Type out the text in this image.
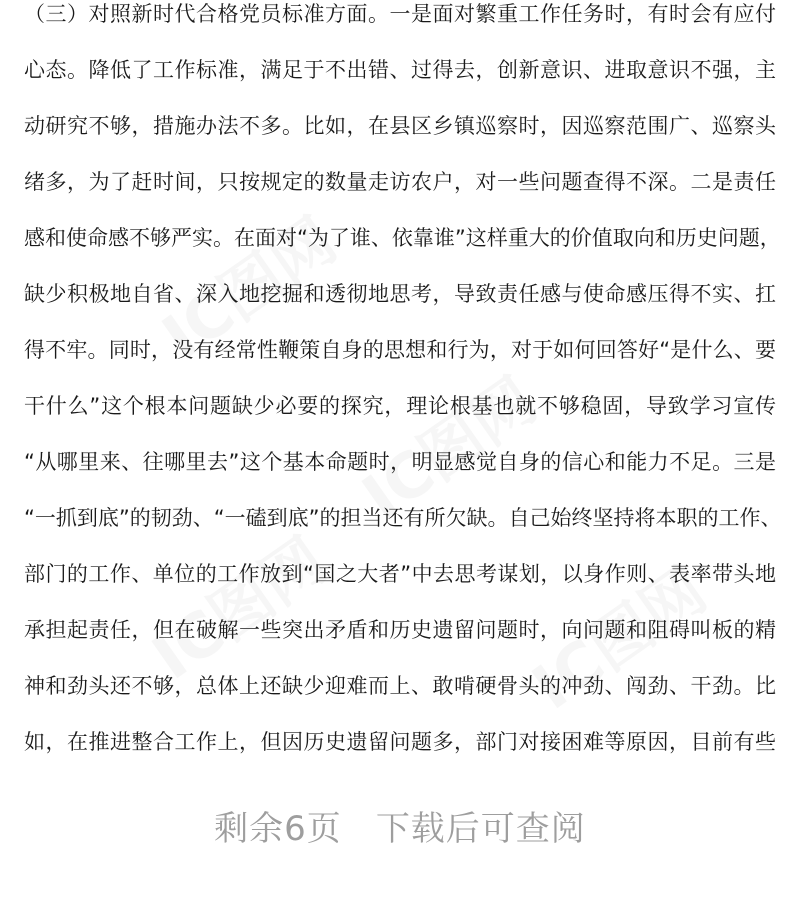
IC图网
IC图网
IC图网	IC图网
（三）对照新时代合格党员标准方面。一是面对繁重工作任务时，有时会有应付
心态。降低了工作标准，满足于不出错、过得去，创新意识、进取意识不强，主
动研究不够，措施办法不多。比如，在县区乡镇巡察时，因巡察范围广、巡察头
绪多，为了赶时间，只按规定的数量走访农户，对一些问题查得不深。二是责任
感和使命感不够严实。在面对“为了谁、依靠谁”这样重大的价值取向和历史问题，
缺少积极地自省、深入地挖掘和透彻地思考，导致责任感与使命感压得不实、扛
得不牢。同时，没有经常性鞭策自身的思想和行为，对于如何回答好“是什么、要
干什么”这个根本问题缺少必要的探究，理论根基也就不够稳固，导致学习宣传
“从哪里来、往哪里去”这个基本命题时，明显感觉自身的信心和能力不足。三是
“一抓到底”的韧劲、“一磕到底”的担当还有所欠缺。自己始终坚持将本职的工作、
部门的工作、单位的工作放到“国之大者”中去思考谋划，以身作则、表率带头地
承担起责任，但在破解一些突出矛盾和历史遗留问题时，向问题和阻碍叫板的精
神和劲头还不够，总体上还缺少迎难而上、敢啃硬骨头的冲劲、闯劲、干劲。比
如，在推进整合工作上，但因历史遗留问题多，部门对接困难等原因，目前有些
剩余6页 下载后可查阅
